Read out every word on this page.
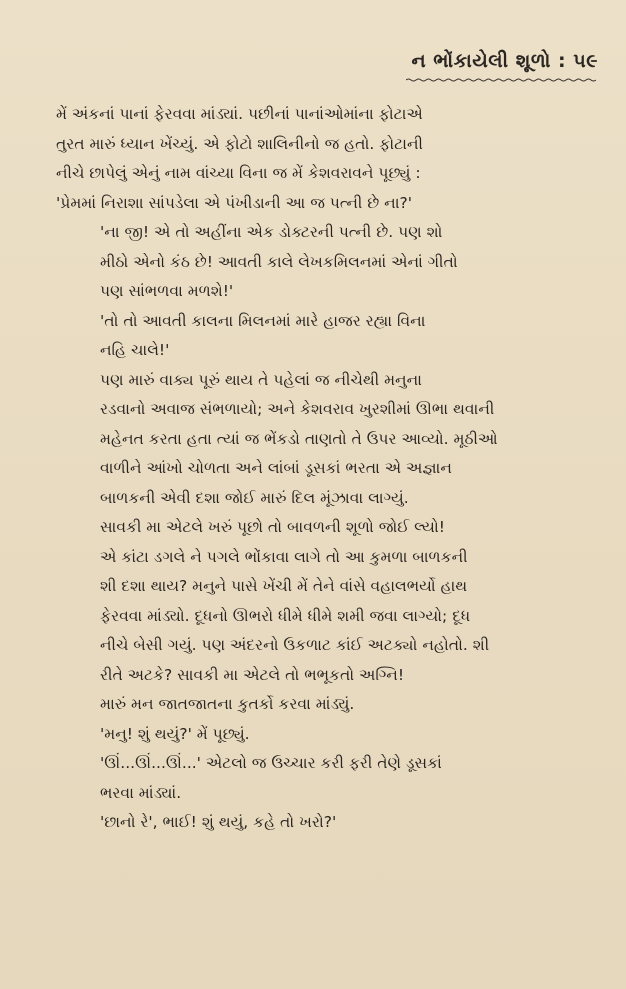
ન ભોંકાયેલી શૂળો : ૫૯

મેં અંકનાં પાનાં ફેરવવા માંડ્યાં. પછીનાં પાનાંઓમાંના ફોટાએ
તુરત મારું ધ્યાન ખેંચ્યું. એ ફોટો શાલિનીનો જ હતો. ફોટાની
નીચે છાપેલું એનું નામ વાંચ્યા વિના જ મેં કેશવરાવને પૂછ્યું :
'પ્રેમમાં નિરાશા સાંપડેલા એ પંખીડાની આ જ પત્ની છે ના?'

'ના જી! એ તો અહીંના એક ડોક્ટરની પત્ની છે. પણ શો
મીઠો એનો કંઠ છે! આવતી કાલે લેખકમિલનમાં એનાં ગીતો
પણ સાંભળવા મળશે!'

'તો તો આવતી કાલના મિલનમાં મારે હાજર રહ્યા વિના
નહિ ચાલે!'

પણ મારું વાક્ય પૂરું થાય તે પહેલાં જ નીચેથી મનુના
રડવાનો અવાજ સંભળાયો; અને કેશવરાવ ખુરશીમાં ઊભા થવાની
મહેનત કરતા હતા ત્યાં જ ભેંકડો તાણતો તે ઉપર આવ્યો. મૂઠીઓ
વાળીને આંખો ચોળતા અને લાંબાં ડૂસકાં ભરતા એ અજ્ઞાન
બાળકની એવી દશા જોઈ મારું દિલ મૂંઝાવા લાગ્યું.

સાવકી મા એટલે ખરું પૂછો તો બાવળની શૂળો જોઈ લ્યો!
એ કાંટા ડગલે ને પગલે ભોંકાવા લાગે તો આ કુમળા બાળકની
શી દશા થાય? મનુને પાસે ખેંચી મેં તેને વાંસે વહાલભર્યો હાથ
ફેરવવા માંડ્યો. દૂધનો ઊભરો ધીમે ધીમે શમી જવા લાગ્યો; દૂધ
નીચે બેસી ગયું. પણ અંદરનો ઉકળાટ કાંઈ અટક્યો નહોતો. શી
રીતે અટકે? સાવકી મા એટલે તો ભભૂકતો અગ્નિ!

મારું મન જાતજાતના કુતર્કો કરવા માંડ્યું.

'મનુ! શું થયું?' મેં પૂછ્યું.

'ઊં...ઊં...ઊં...' એટલો જ ઉચ્ચાર કરી ફરી તેણે ડૂસકાં
ભરવા માંડ્યાં.

'છાનો રે', ભાઈ! શું થયું, કહે તો ખરો?'
